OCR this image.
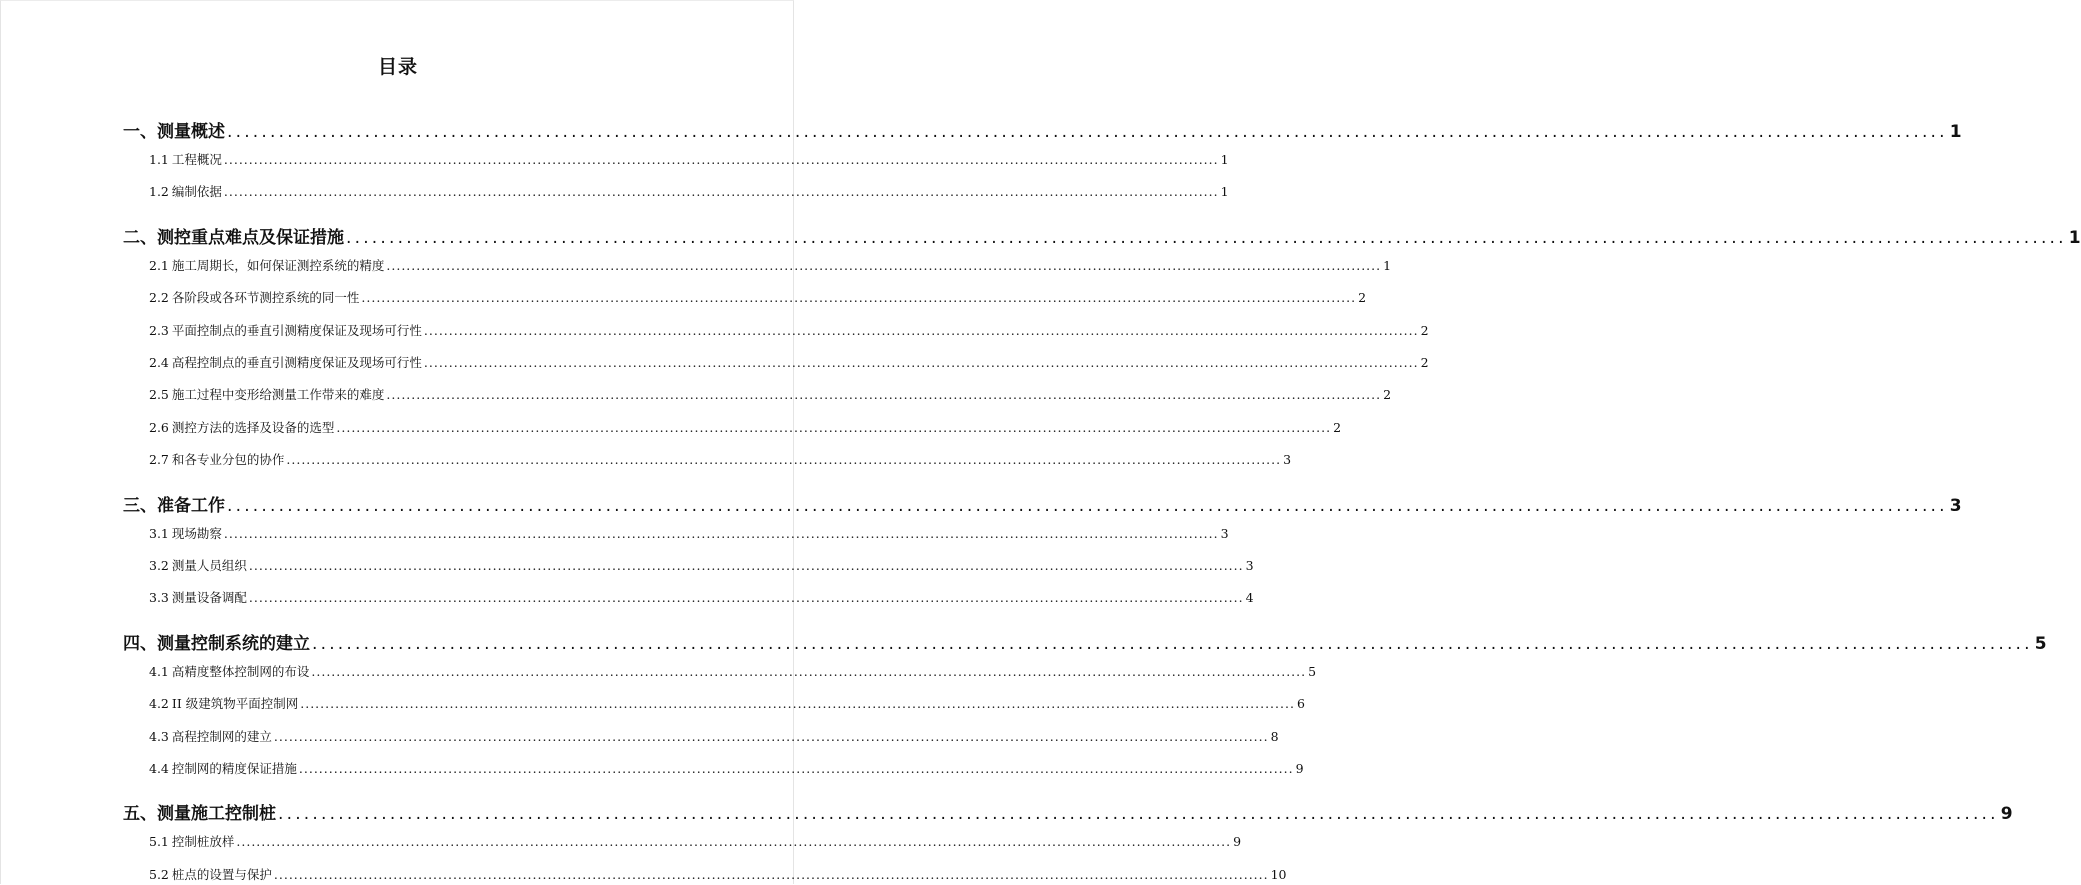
目录
一、测量概述 ........................................................................................................................................................................................................ 1
1.1 工程概况 ........................................................................................................................................................................................................ 1
1.2 编制依据 ........................................................................................................................................................................................................ 1
二、测控重点难点及保证措施 ........................................................................................................................................................................................................ 1
2.1 施工周期长，如何保证测控系统的精度 ........................................................................................................................................................................................................ 1
2.2 各阶段或各环节测控系统的同一性 ........................................................................................................................................................................................................ 2
2.3 平面控制点的垂直引测精度保证及现场可行性 ........................................................................................................................................................................................................ 2
2.4 高程控制点的垂直引测精度保证及现场可行性 ........................................................................................................................................................................................................ 2
2.5 施工过程中变形给测量工作带来的难度 ........................................................................................................................................................................................................ 2
2.6 测控方法的选择及设备的选型 ........................................................................................................................................................................................................ 2
2.7 和各专业分包的协作 ........................................................................................................................................................................................................ 3
三、准备工作 ........................................................................................................................................................................................................ 3
3.1 现场勘察 ........................................................................................................................................................................................................ 3
3.2 测量人员组织 ........................................................................................................................................................................................................ 3
3.3 测量设备调配 ........................................................................................................................................................................................................ 4
四、测量控制系统的建立 ........................................................................................................................................................................................................ 5
4.1 高精度整体控制网的布设 ........................................................................................................................................................................................................ 5
4.2 II 级建筑物平面控制网 ........................................................................................................................................................................................................ 6
4.3 高程控制网的建立 ........................................................................................................................................................................................................ 8
4.4 控制网的精度保证措施 ........................................................................................................................................................................................................ 9
五、测量施工控制桩 ........................................................................................................................................................................................................ 9
5.1 控制桩放样 ........................................................................................................................................................................................................ 9
5.2 桩点的设置与保护 ........................................................................................................................................................................................................ 10
